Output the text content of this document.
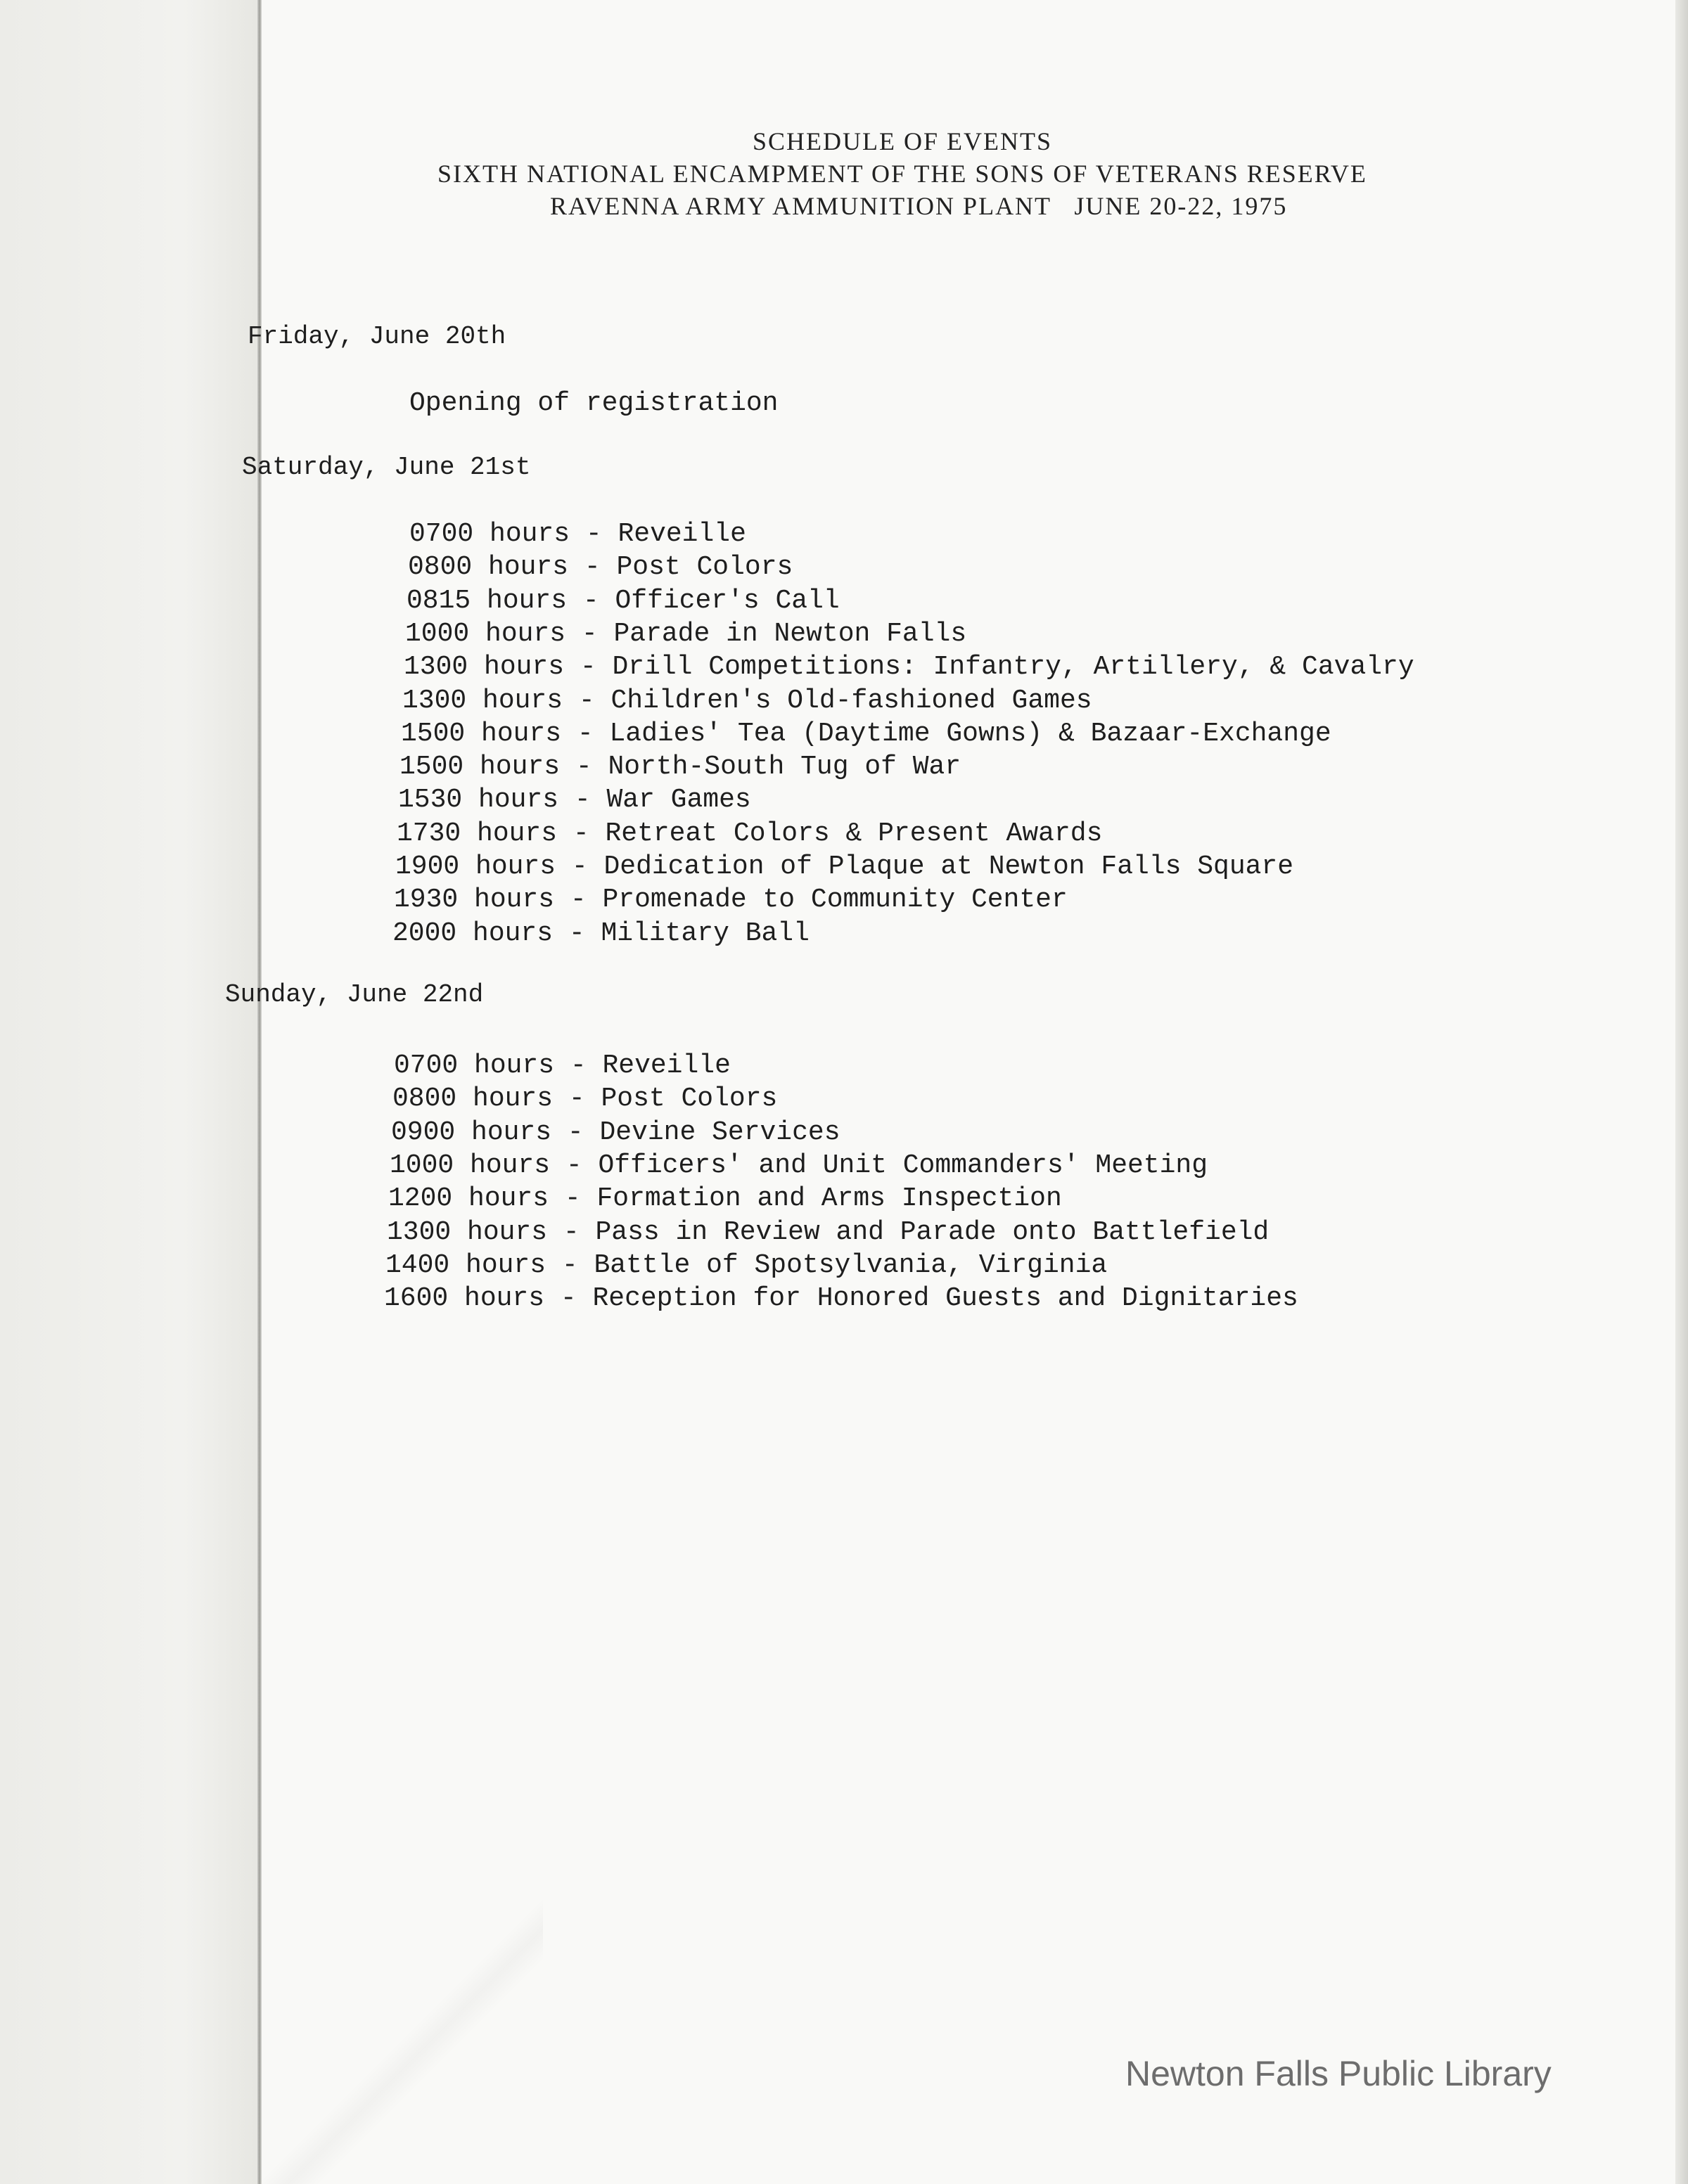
SCHEDULE OF EVENTS
SIXTH NATIONAL ENCAMPMENT OF THE SONS OF VETERANS RESERVE
RAVENNA ARMY AMMUNITION PLANT   JUNE 20-22, 1975
Friday, June 20th
Opening of registration
Saturday, June 21st
Sunday, June 22nd
Newton Falls Public Library
0700 hours - Reveille
0800 hours - Post Colors
0815 hours - Officer's Call
1000 hours - Parade in Newton Falls
1300 hours - Drill Competitions: Infantry, Artillery, & Cavalry
1300 hours - Children's Old-fashioned Games
1500 hours - Ladies' Tea (Daytime Gowns) & Bazaar-Exchange
1500 hours - North-South Tug of War
1530 hours - War Games
1730 hours - Retreat Colors & Present Awards
1900 hours - Dedication of Plaque at Newton Falls Square
1930 hours - Promenade to Community Center
2000 hours - Military Ball
0700 hours - Reveille
0800 hours - Post Colors
0900 hours - Devine Services
1000 hours - Officers' and Unit Commanders' Meeting
1200 hours - Formation and Arms Inspection
1300 hours - Pass in Review and Parade onto Battlefield
1400 hours - Battle of Spotsylvania, Virginia
1600 hours - Reception for Honored Guests and Dignitaries
